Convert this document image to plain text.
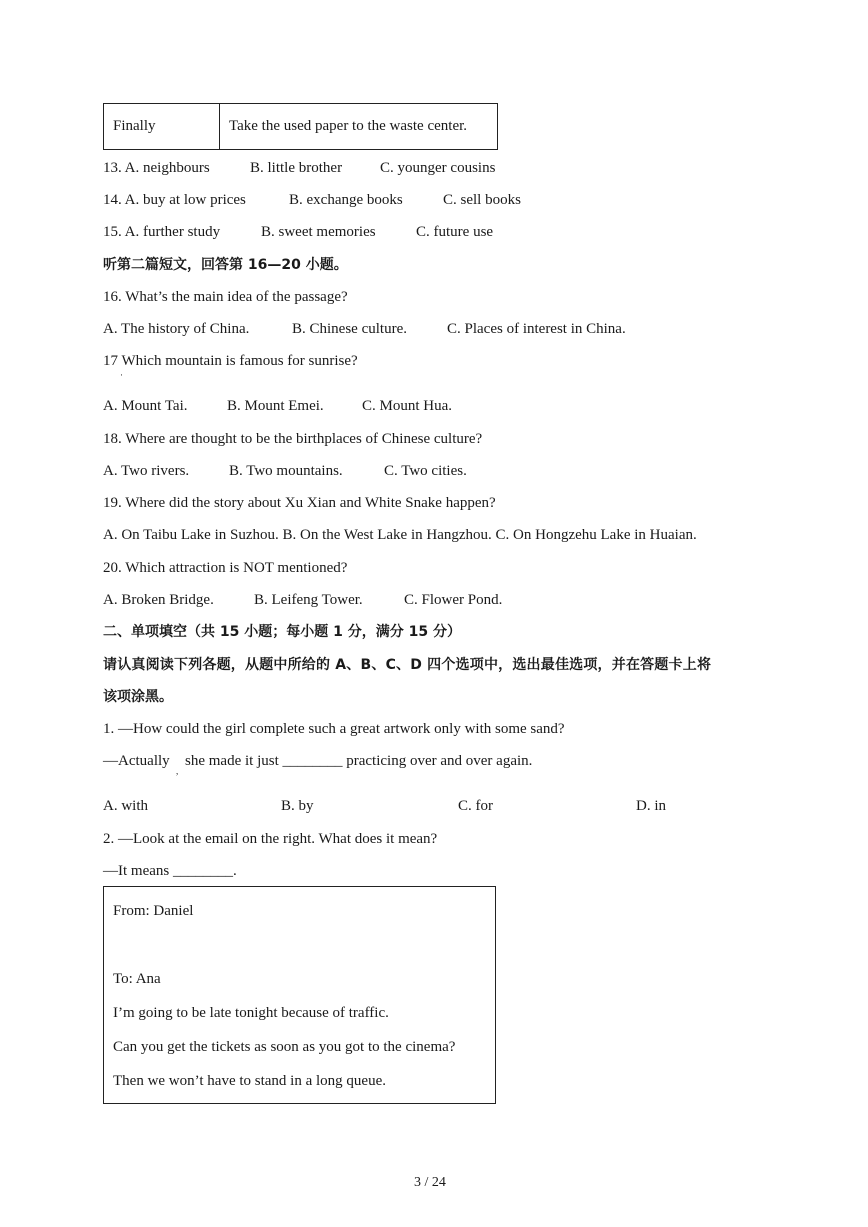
Finally	Take the used paper to the waste center.
13. A. neighbours	B. little brother	C. younger cousins
14. A. buy at low prices	B. exchange books	C. sell books
15. A. further study	B. sweet memories	C. future use
听第二篇短文，回答第 16—20 小题。
16. What’s the main idea of the passage?
A. The history of China.	B. Chinese culture.	C. Places of interest in China.
17 Which mountain is famous for sunrise?
·
A. Mount Tai.	B. Mount Emei.	C. Mount Hua.
18. Where are thought to be the birthplaces of Chinese culture?
A. Two rivers.	B. Two mountains.	C. Two cities.
19. Where did the story about Xu Xian and White Snake happen?
A. On Taibu Lake in Suzhou. B. On the West Lake in Hangzhou. C. On Hongzehu Lake in Huaian.
20. Which attraction is NOT mentioned?
A. Broken Bridge.	B. Leifeng Tower.	C. Flower Pond.
二、单项填空（共 15 小题；每小题 1 分，满分 15 分）
请认真阅读下列各题，从题中所给的 A、B、C、D 四个选项中，选出最佳选项，并在答题卡上将
该项涂黑。
1. —How could the girl complete such a great artwork only with some sand?
—Actually
,
she made it just ________ practicing over and over again.
A. with	B. by	C. for	D. in
2. —Look at the email on the right. What does it mean?
—It means ________.
From: Daniel
To: Ana
I’m going to be late tonight because of traffic.
Can you get the tickets as soon as you got to the cinema?
Then we won’t have to stand in a long queue.
3 / 24
